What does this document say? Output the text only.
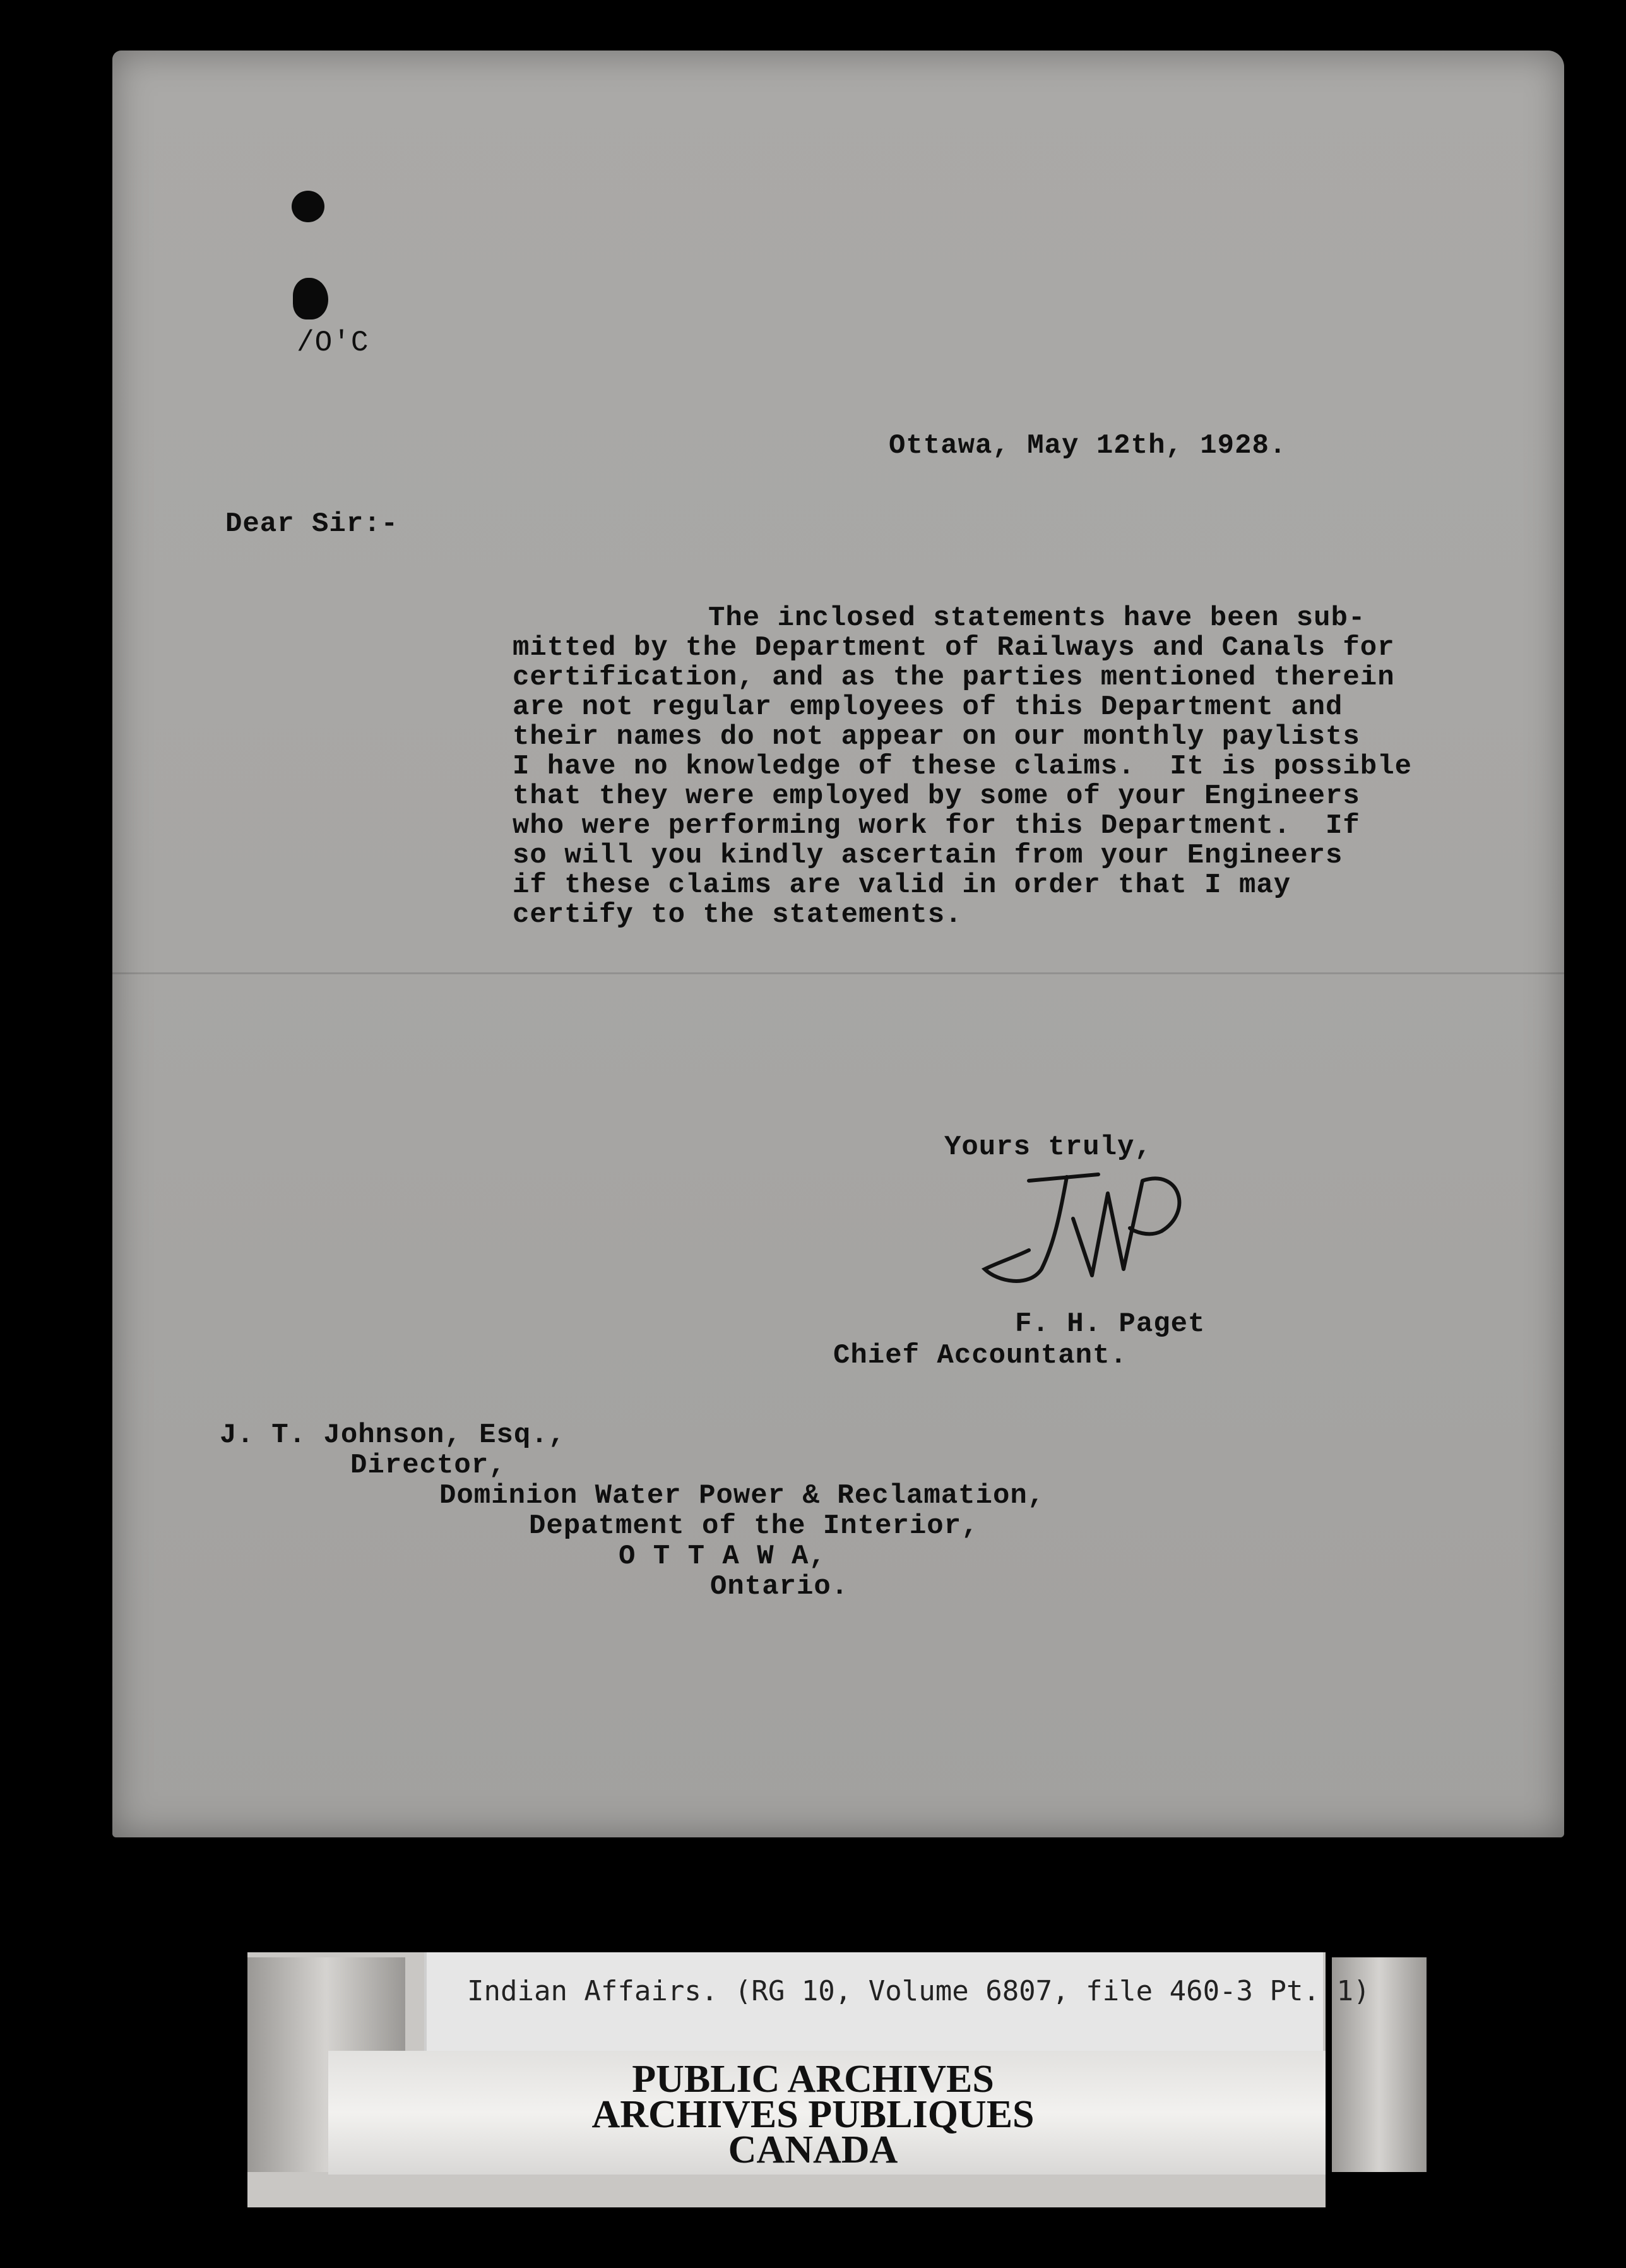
/O'C
Ottawa, May 12th, 1928.
Dear Sir:-
The inclosed statements have been sub-
mitted by the Department of Railways and Canals for
certification, and as the parties mentioned therein
are not regular employees of this Department and
their names do not appear on our monthly paylists
I have no knowledge of these claims.  It is possible
that they were employed by some of your Engineers
who were performing work for this Department.  If
so will you kindly ascertain from your Engineers
if these claims are valid in order that I may
certify to the statements.
Yours truly,
F. H. Paget
Chief Accountant.
J. T. Johnson, Esq.,
Director,
Dominion Water Power & Reclamation,
Depatment of the Interior,
O T T A W A,
Ontario.
Indian Affairs. (RG 10, Volume 6807, file 460-3 Pt. 1)
PUBLIC ARCHIVES
ARCHIVES PUBLIQUES
CANADA
